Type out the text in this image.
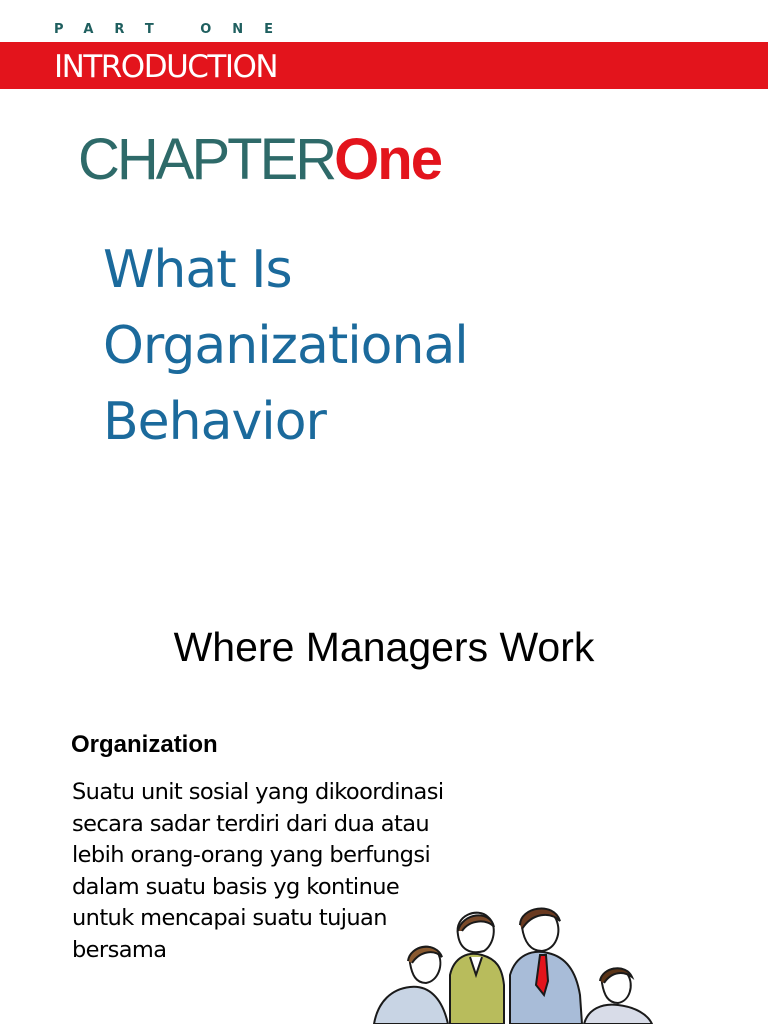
PART ONE
INTRODUCTION
CHAPTEROne
What Is
Organizational
Behavior
Where Managers Work
Organization
Suatu unit sosial yang dikoordinasi
secara sadar terdiri dari dua atau
lebih orang-orang yang berfungsi
dalam suatu basis yg kontinue
untuk mencapai suatu tujuan
bersama
